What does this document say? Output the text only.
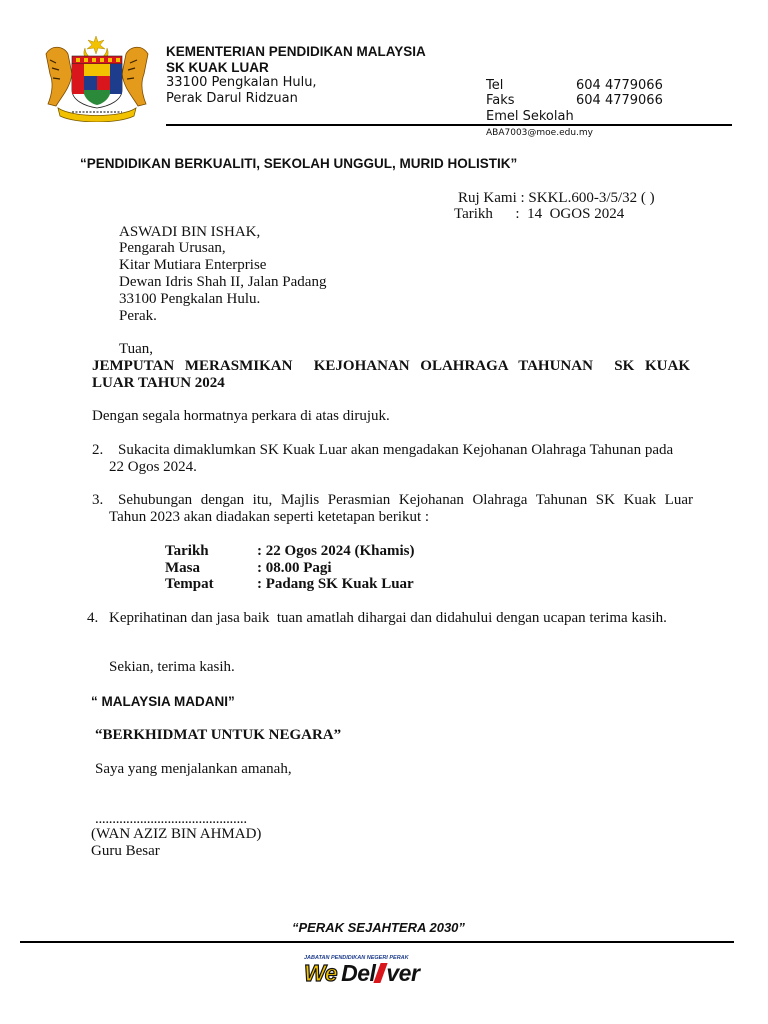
KEMENTERIAN PENDIDIKAN MALAYSIA
SK KUAK LUAR
33100 Pengkalan Hulu,
Perak Darul Ridzuan
Tel	604 4779066
Faks	604 4779066
Emel Sekolah
ABA7003@moe.edu.my
“PENDIDIKAN BERKUALITI, SEKOLAH UNGGUL, MURID HOLISTIK”
Ruj Kami : SKKL.600-3/5/32 ( )
Tarikh      :  14  OGOS 2024
ASWADI BIN ISHAK,
Pengarah Urusan,
Kitar Mutiara Enterprise
Dewan Idris Shah II, Jalan Padang
33100 Pengkalan Hulu.
Perak.
Tuan,
JEMPUTAN MERASMIKAN  KEJOHANAN OLAHRAGA TAHUNAN  SK KUAK
LUAR TAHUN 2024
Dengan segala hormatnya perkara di atas dirujuk.
2. Sukacita dimaklumkan SK Kuak Luar akan mengadakan Kejohanan Olahraga Tahunan pada
22 Ogos 2024.
3. Sehubungan dengan itu, Majlis Perasmian Kejohanan Olahraga Tahunan SK Kuak Luar
Tahun 2023 akan diadakan seperti ketetapan berikut :
Tarikh	: 22 Ogos 2024 (Khamis)
Masa	: 08.00 Pagi
Tempat	: Padang SK Kuak Luar
4. Keprihatinan dan jasa baik  tuan amatlah dihargai dan didahului dengan ucapan terima kasih.
Sekian, terima kasih.
“ MALAYSIA MADANI”
“BERKHIDMAT UNTUK NEGARA”
Saya yang menjalankan amanah,
............................................
(WAN AZIZ BIN AHMAD)
Guru Besar
“PERAK SEJAHTERA 2030”
JABATAN PENDIDIKAN NEGERI PERAK
We Del ver
